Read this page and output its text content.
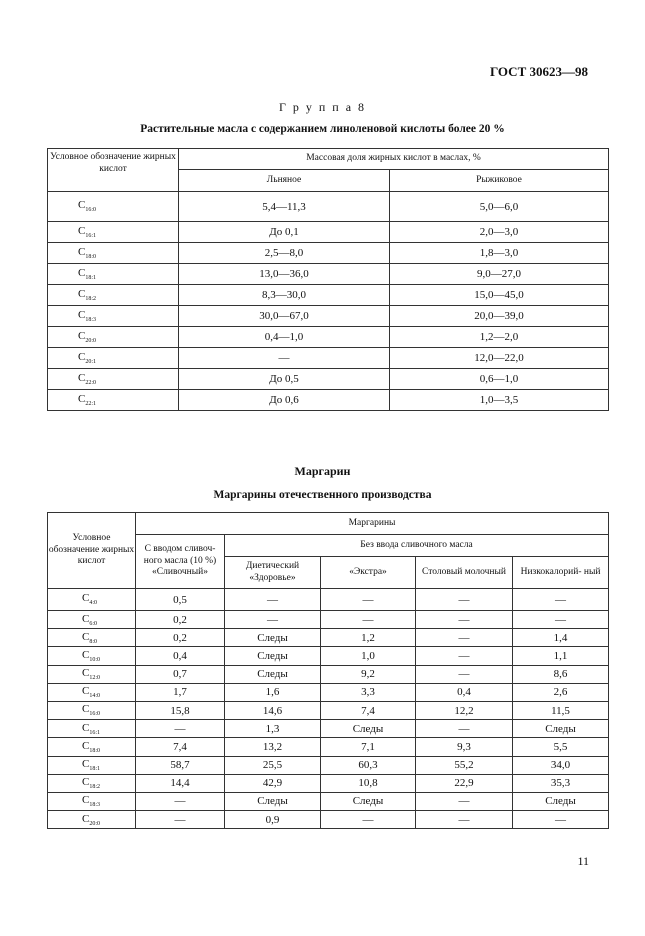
ГОСТ 30623—98
Г р у п п а 8
Растительные масла с содержанием линоленовой кислоты более 20 %
Условное обозначение жирных кислот	Массовая доля жирных кислот в маслах, %	
	Льняное	Рыжиковое
$C_{16:0}$	5,4—11,3	5,0—6,0
$C_{16:1}$	До 0,1	2,0—3,0
$C_{18:0}$	2,5—8,0	1,8—3,0
$C_{18:1}$	13,0—36,0	9,0—27,0
$C_{18:2}$	8,3—30,0	15,0—45,0
$C_{18:3}$	30,0—67,0	20,0—39,0
$C_{20:0}$	0,4—1,0	1,2—2,0
$C_{20:1}$	—	12,0—22,0
$C_{22:0}$	До 0,5	0,6—1,0
$C_{22:1}$	До 0,6	1,0—3,5
Маргарин
Маргарины отечественного производства
Условное обозначение жирных кислот	Маргарины				
	С вводом сливоч- ного масла (10 %) «Сливочный»	Без ввода сливочного масла			
		Диетический «Здоровье»	«Экстра»	Столовый молочный	Низкокалорий- ный
$C_{4:0}$	0,5	—	—	—	—
$C_{6:0}$	0,2	—	—	—	—
$C_{8:0}$	0,2	Следы	1,2	—	1,4
$C_{10:0}$	0,4	Следы	1,0	—	1,1
$C_{12:0}$	0,7	Следы	9,2	—	8,6
$C_{14:0}$	1,7	1,6	3,3	0,4	2,6
$C_{16:0}$	15,8	14,6	7,4	12,2	11,5
$C_{16:1}$	—	1,3	Следы	—	Следы
$C_{18:0}$	7,4	13,2	7,1	9,3	5,5
$C_{18:1}$	58,7	25,5	60,3	55,2	34,0
$C_{18:2}$	14,4	42,9	10,8	22,9	35,3
$C_{18:3}$	—	Следы	Следы	—	Следы
$C_{20:0}$	—	0,9	—	—	—
11
